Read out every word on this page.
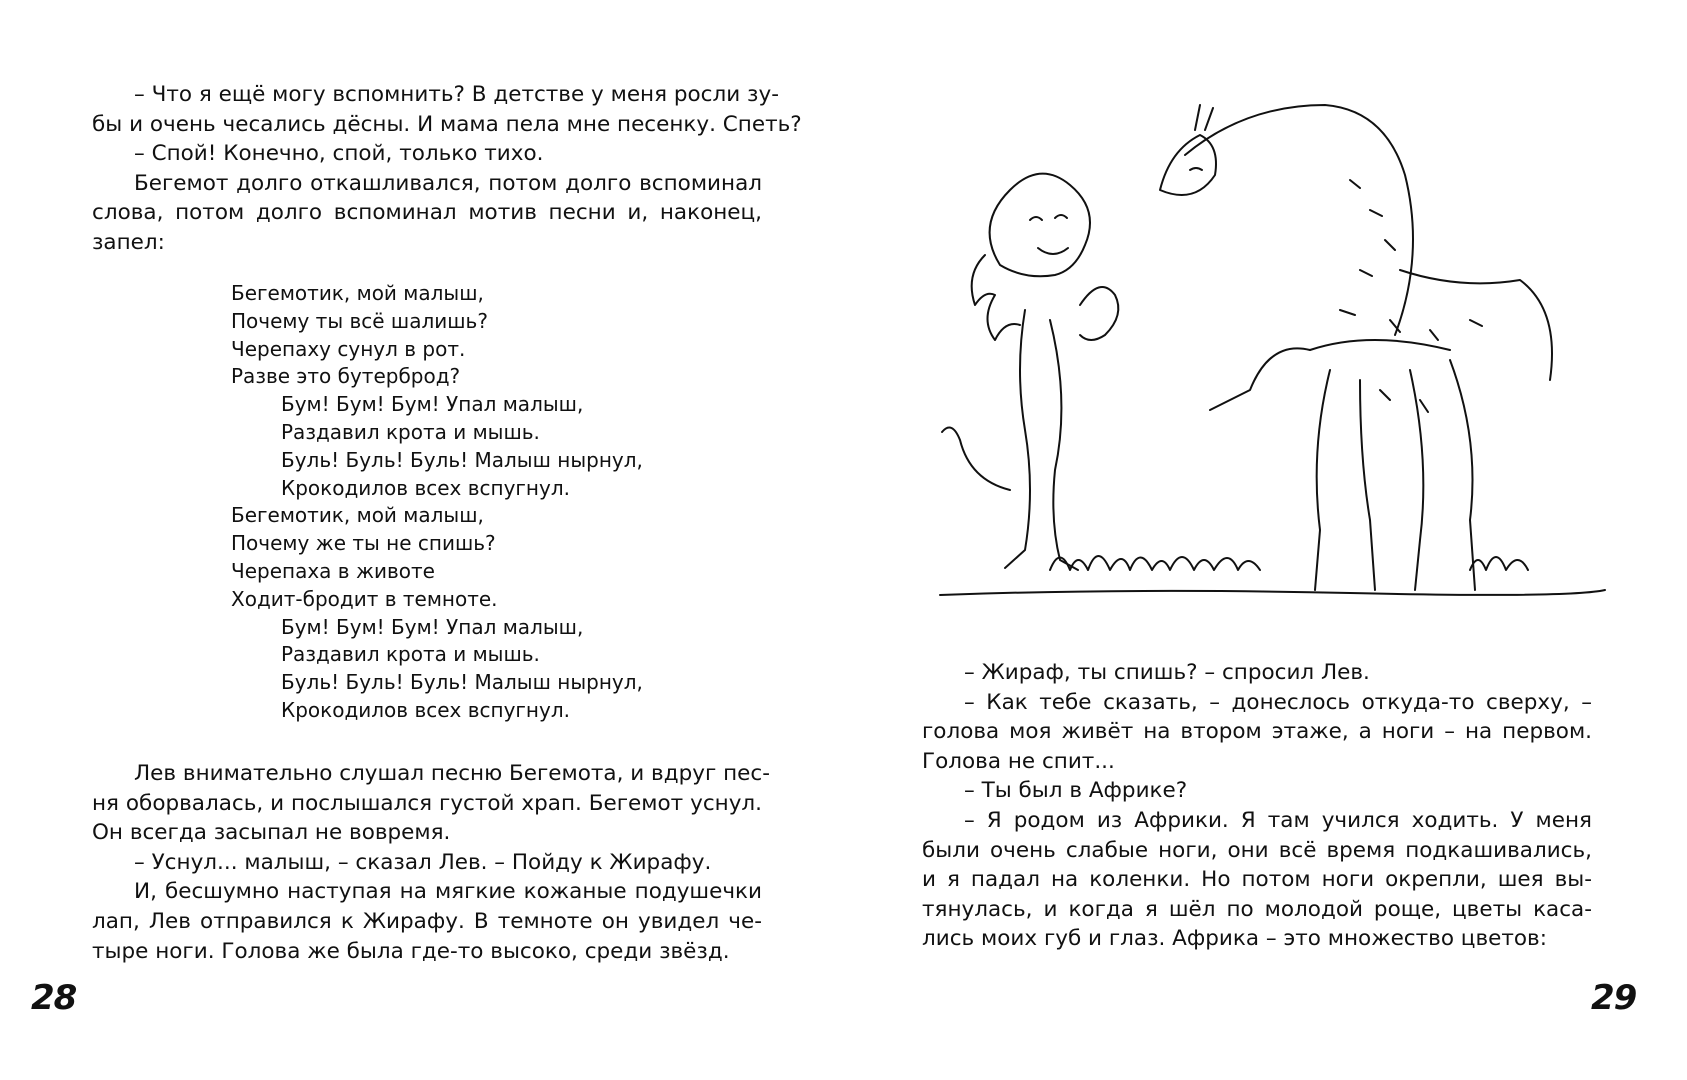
– Что я ещё могу вспомнить? В детстве у меня росли зу-
бы и очень чесались дёсны. И мама пела мне песенку. Спеть?
– Спой! Конечно, спой, только тихо.
Бегемот долго откашливался, потом долго вспоминал
слова, потом долго вспоминал мотив песни и, наконец,
запел:
Бегемотик, мой малыш,
Почему ты всё шалишь?
Черепаху сунул в рот.
Разве это бутерброд?
Бум! Бум! Бум! Упал малыш,
Раздавил крота и мышь.
Буль! Буль! Буль! Малыш нырнул,
Крокодилов всех вспугнул.
Бегемотик, мой малыш,
Почему же ты не спишь?
Черепаха в животе
Ходит-бродит в темноте.
Бум! Бум! Бум! Упал малыш,
Раздавил крота и мышь.
Буль! Буль! Буль! Малыш нырнул,
Крокодилов всех вспугнул.
Лев внимательно слушал песню Бегемота, и вдруг пес-
ня оборвалась, и послышался густой храп. Бегемот уснул.
Он всегда засыпал не вовремя.
– Уснул... малыш, – сказал Лев. – Пойду к Жирафу.
И, бесшумно наступая на мягкие кожаные подушечки
лап, Лев отправился к Жирафу. В темноте он увидел че-
тыре ноги. Голова же была где-то высоко, среди звёзд.
28
– Жираф, ты спишь? – спросил Лев.
– Как тебе сказать, – донеслось откуда-то сверху, –
голова моя живёт на втором этаже, а ноги – на первом.
Голова не спит...
– Ты был в Африке?
– Я родом из Африки. Я там учился ходить. У меня
были очень слабые ноги, они всё время подкашивались,
и я падал на коленки. Но потом ноги окрепли, шея вы-
тянулась, и когда я шёл по молодой роще, цветы каса-
лись моих губ и глаз. Африка – это множество цветов:
29
